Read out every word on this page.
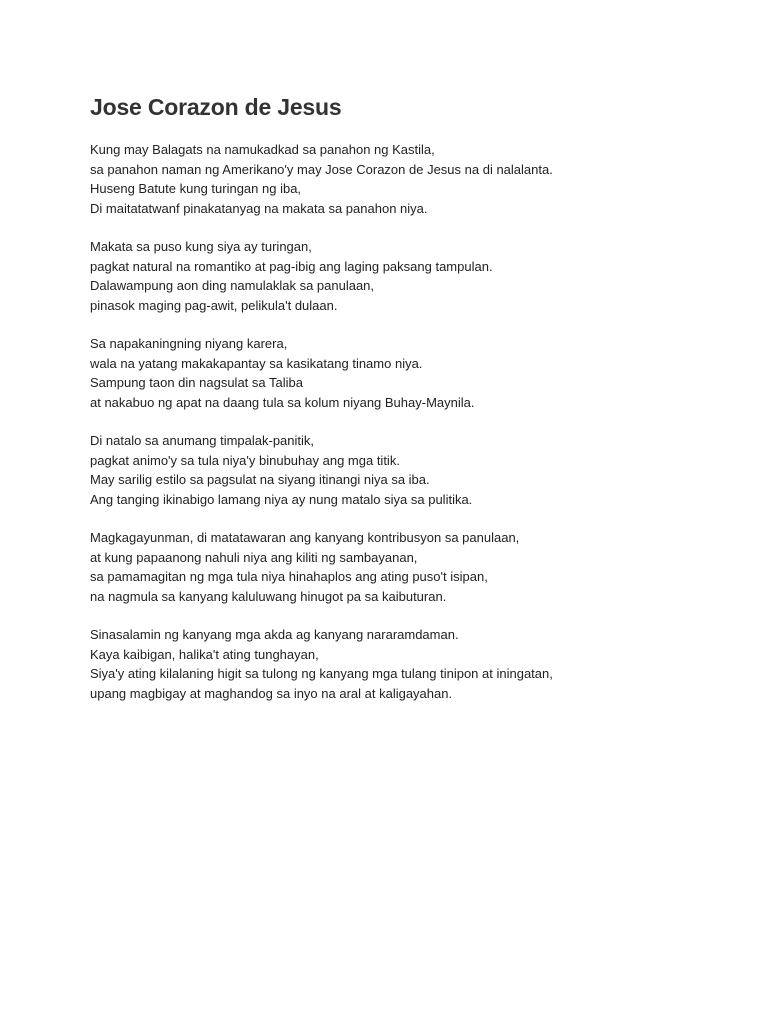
Jose Corazon de Jesus
Kung may Balagats na namukadkad sa panahon ng Kastila,
sa panahon naman ng Amerikano'y may Jose Corazon de Jesus na di nalalanta.
Huseng Batute kung turingan ng iba,
Di maitatatwanf pinakatanyag na makata sa panahon niya.
Makata sa puso kung siya ay turingan,
pagkat natural na romantiko at pag-ibig ang laging paksang tampulan.
Dalawampung aon ding namulaklak sa panulaan,
pinasok maging pag-awit, pelikula't dulaan.
Sa napakaningning niyang karera,
wala na yatang makakapantay sa kasikatang tinamo niya.
Sampung taon din nagsulat sa Taliba
at nakabuo ng apat na daang tula sa kolum niyang Buhay-Maynila.
Di natalo sa anumang timpalak-panitik,
pagkat animo'y sa tula niya'y binubuhay ang mga titik.
May sarilig estilo sa pagsulat na siyang itinangi niya sa iba.
Ang tanging ikinabigo lamang niya ay nung matalo siya sa pulitika.
Magkagayunman, di matatawaran ang kanyang kontribusyon sa panulaan,
at kung papaanong nahuli niya ang kiliti ng sambayanan,
sa pamamagitan ng mga tula niya hinahaplos ang ating puso't isipan,
na nagmula sa kanyang kaluluwang hinugot pa sa kaibuturan.
Sinasalamin ng kanyang mga akda ag kanyang nararamdaman.
Kaya kaibigan, halika't ating tunghayan,
Siya'y ating kilalaning higit sa tulong ng kanyang mga tulang tinipon at iningatan,
upang magbigay at maghandog sa inyo na aral at kaligayahan.
